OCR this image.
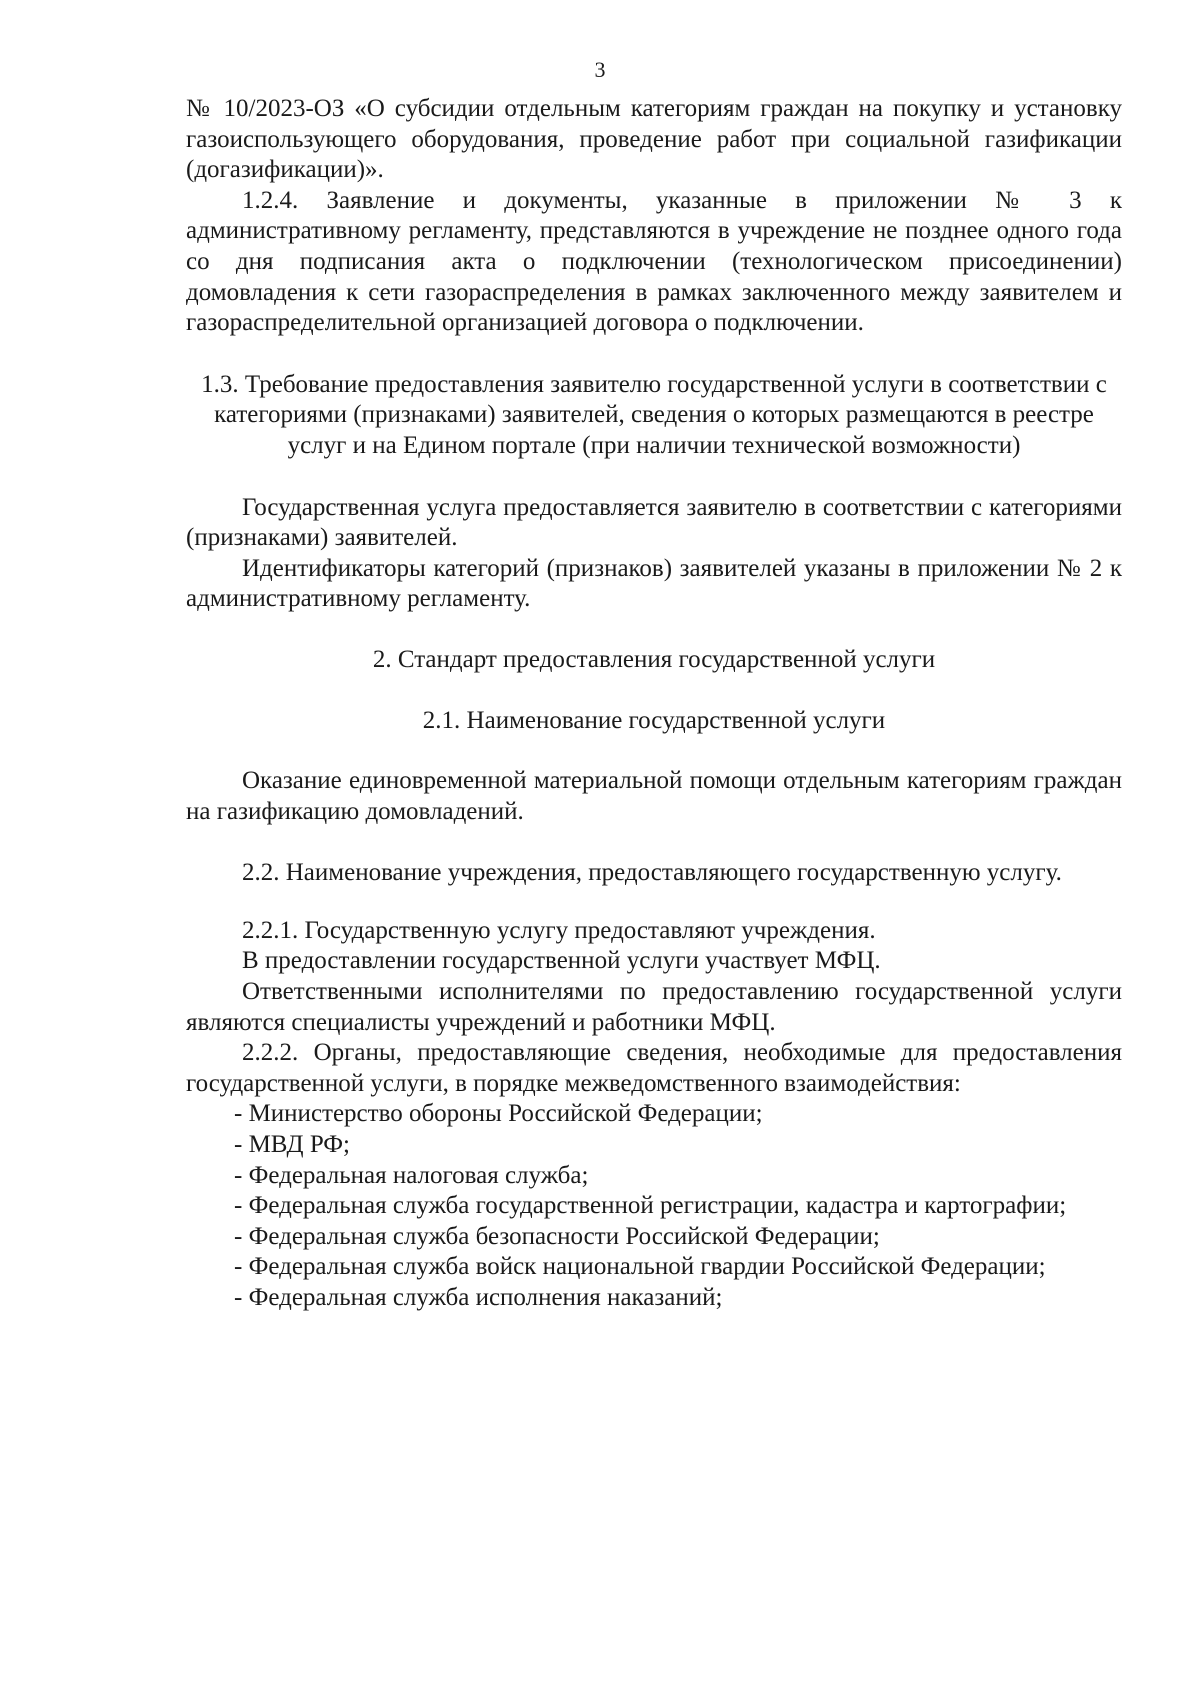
3

№ 10/2023-ОЗ «О субсидии отдельным категориям граждан на покупку и установку газоиспользующего оборудования, проведение работ при социальной газификации (догазификации)».

1.2.4. Заявление и документы, указанные в приложении № 3 к административному регламенту, представляются в учреждение не позднее одного года со дня подписания акта о подключении (технологическом присоединении) домовладения к сети газораспределения в рамках заключенного между заявителем и газораспределительной организацией договора о подключении.

1.3. Требование предоставления заявителю государственной услуги в соответствии с категориями (признаками) заявителей, сведения о которых размещаются в реестре услуг и на Едином портале (при наличии технической возможности)

Государственная услуга предоставляется заявителю в соответствии с категориями (признаками) заявителей.

Идентификаторы категорий (признаков) заявителей указаны в приложении № 2 к административному регламенту.

2. Стандарт предоставления государственной услуги

2.1. Наименование государственной услуги

Оказание единовременной материальной помощи отдельным категориям граждан на газификацию домовладений.

2.2. Наименование учреждения, предоставляющего государственную услугу.

2.2.1. Государственную услугу предоставляют учреждения.

В предоставлении государственной услуги участвует МФЦ.

Ответственными исполнителями по предоставлению государственной услуги являются специалисты учреждений и работники МФЦ.

2.2.2. Органы, предоставляющие сведения, необходимые для предоставления государственной услуги, в порядке межведомственного взаимодействия:

- Министерство обороны Российской Федерации;

- МВД РФ;

- Федеральная налоговая служба;

- Федеральная служба государственной регистрации, кадастра и картографии;

- Федеральная служба безопасности Российской Федерации;

- Федеральная служба войск национальной гвардии Российской Федерации;

- Федеральная служба исполнения наказаний;
